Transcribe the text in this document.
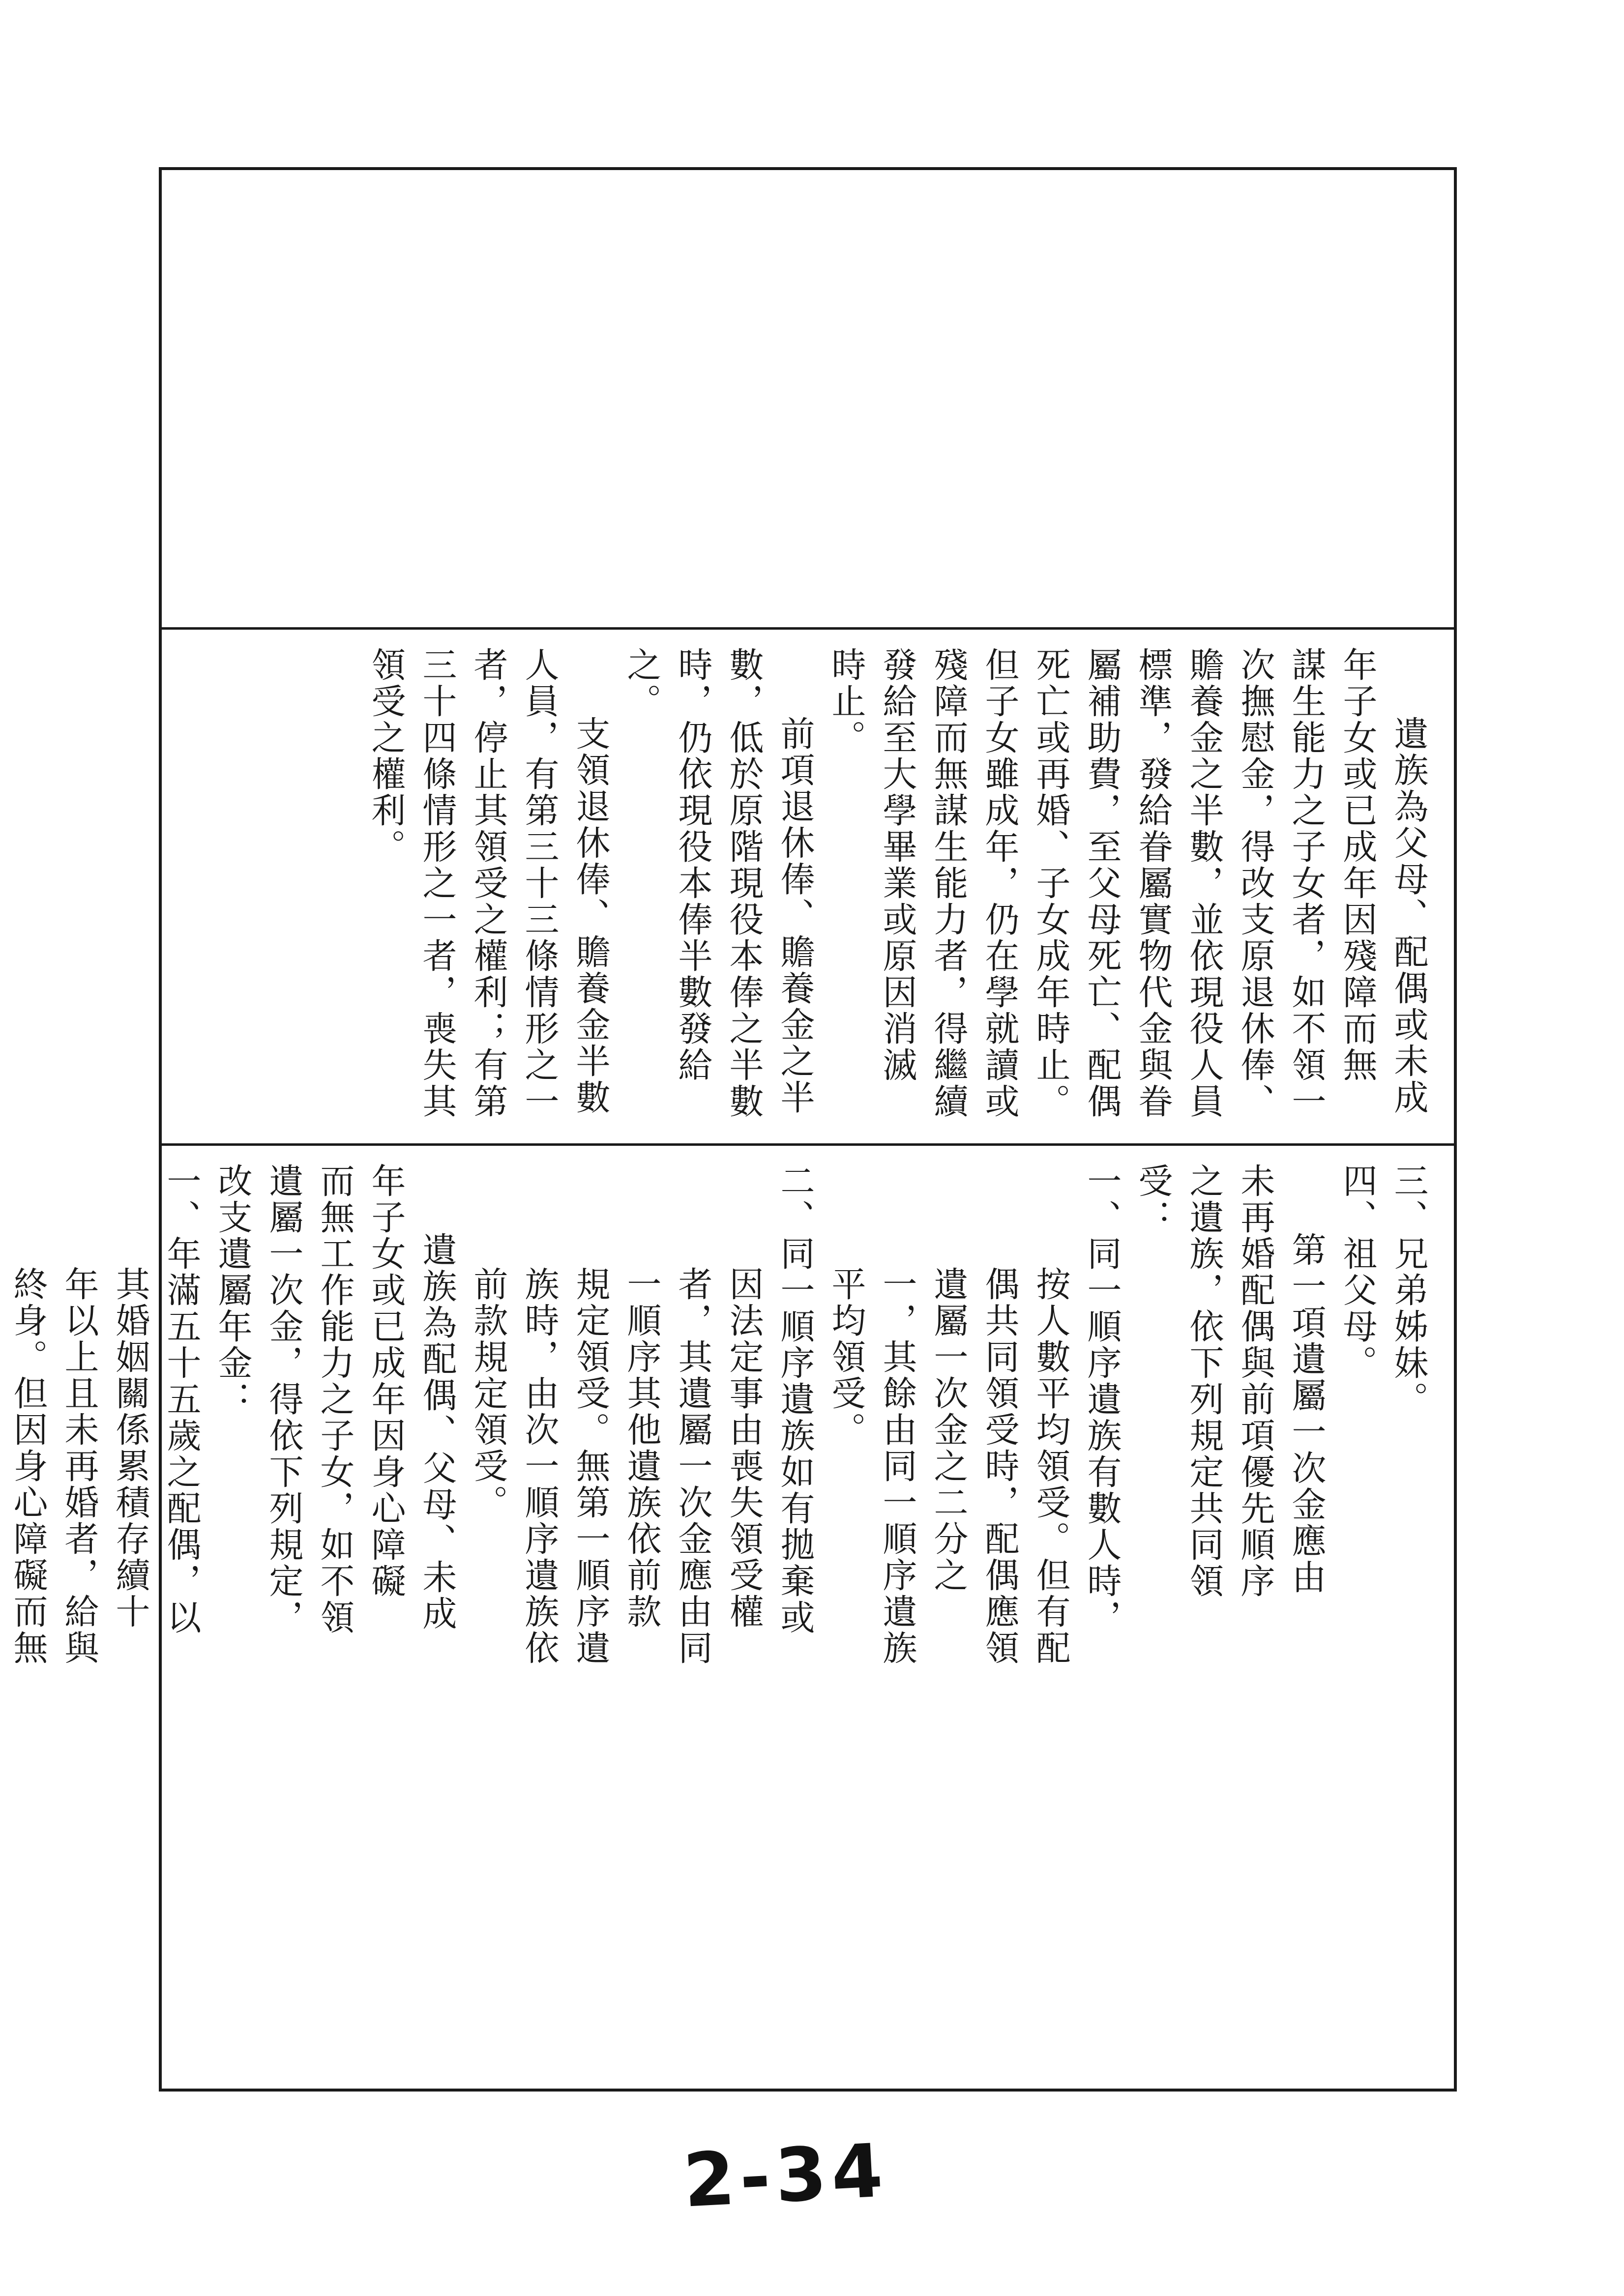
遺族為父母、配偶或未成
年子女或已成年因殘障而無
謀生能力之子女者，如不領一
次撫慰金，得改支原退休俸、
贍養金之半數，並依現役人員
標準，發給眷屬實物代金與眷
屬補助費，至父母死亡、配偶
死亡或再婚、子女成年時止。
但子女雖成年，仍在學就讀或
殘障而無謀生能力者，得繼續
發給至大學畢業或原因消滅
時止。
前項退休俸、贍養金之半
數，低於原階現役本俸之半數
時，仍依現役本俸半數發給
之。
支領退休俸、贍養金半數
人員，有第三十三條情形之一
者，停止其領受之權利；有第
三十四條情形之一者，喪失其
領受之權利。
三、兄弟姊妹。
四、祖父母。
第一項遺屬一次金應由
未再婚配偶與前項優先順序
之遺族，依下列規定共同領
受：
一、同一順序遺族有數人時，
按人數平均領受。但有配
偶共同領受時，配偶應領
遺屬一次金之二分之
一，其餘由同一順序遺族
平均領受。
二、同一順序遺族如有拋棄或
因法定事由喪失領受權
者，其遺屬一次金應由同
一順序其他遺族依前款
規定領受。無第一順序遺
族時，由次一順序遺族依
前款規定領受。
遺族為配偶、父母、未成
年子女或已成年因身心障礙
而無工作能力之子女，如不領
遺屬一次金，得依下列規定，
改支遺屬年金：
一、年滿五十五歲之配偶，以
其婚姻關係累積存續十
年以上且未再婚者，給與
終身。但因身心障礙而無
2-34
